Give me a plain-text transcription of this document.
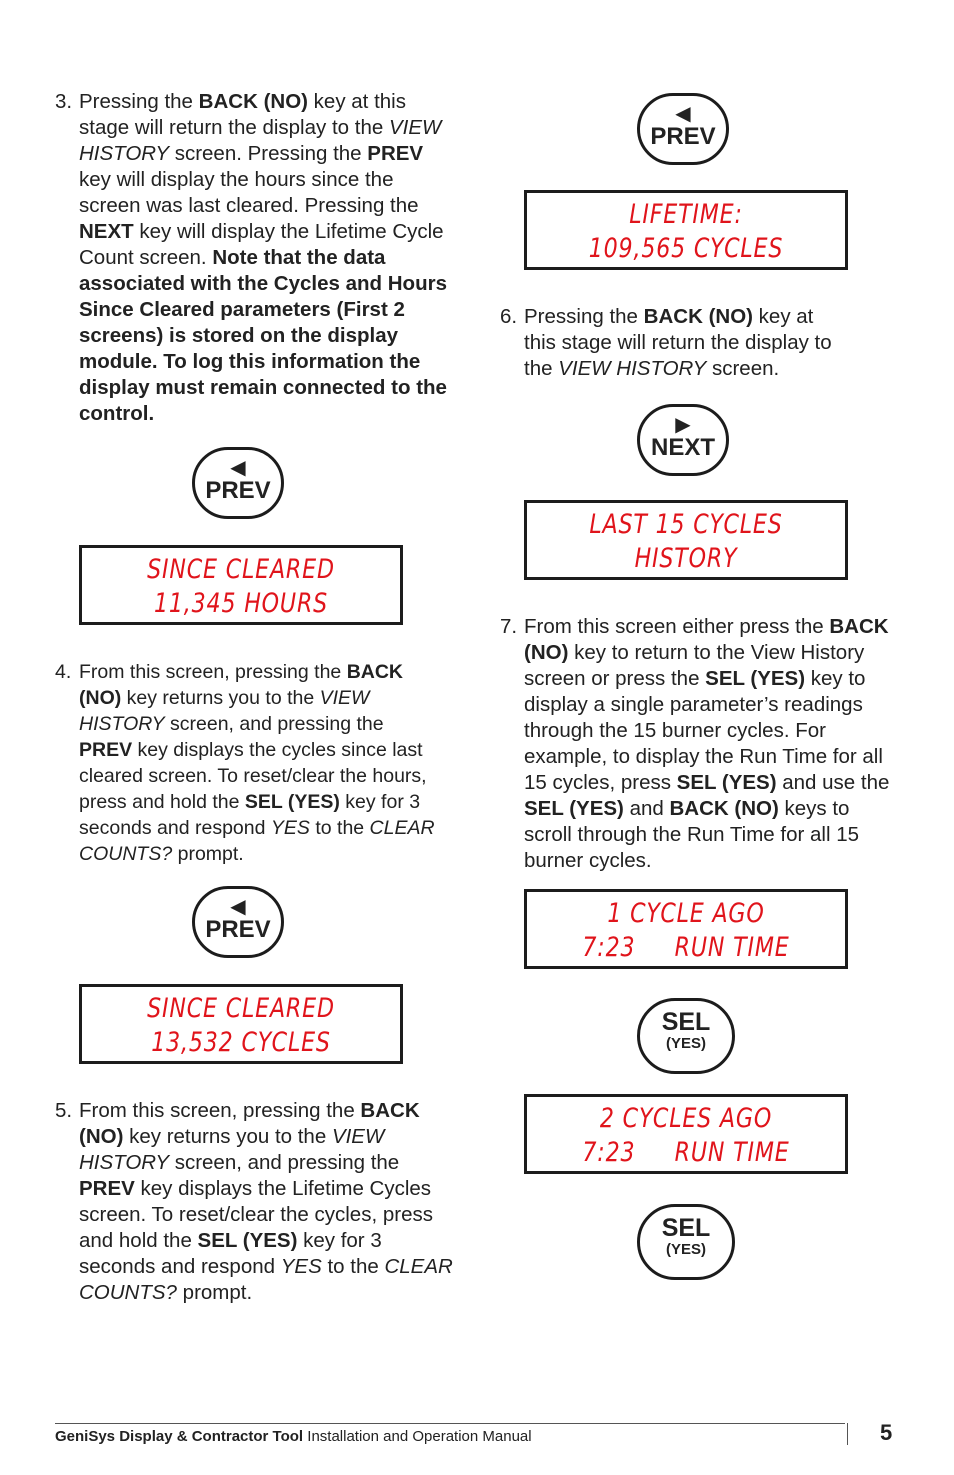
3. Pressing the BACK (NO) key at this stage will return the display to the VIEW HISTORY screen. Pressing the PREV key will display the hours since the screen was last cleared. Pressing the NEXT key will display the Lifetime Cycle Count screen. Note that the data associated with the Cycles and Hours Since Cleared parameters (First 2 screens) is stored on the display module. To log this information the display must remain connected to the control.
◀
PREV
SINCE CLEARED
11,345 HOURS
4. From this screen, pressing the BACK (NO) key returns you to the VIEW HISTORY screen, and pressing the PREV key displays the cycles since last cleared screen. To reset/clear the hours, press and hold the SEL (YES) key for 3 seconds and respond YES to the CLEAR COUNTS? prompt.
◀
PREV
SINCE CLEARED
13,532 CYCLES
5. From this screen, pressing the BACK (NO) key returns you to the VIEW HISTORY screen, and pressing the PREV key displays the Lifetime Cycles screen. To reset/clear the cycles, press and hold the SEL (YES) key for 3 seconds and respond YES to the CLEAR COUNTS? prompt.
◀
PREV
LIFETIME:
109,565 CYCLES
6. Pressing the BACK (NO) key at this stage will return the display to the VIEW HISTORY screen.
▶
NEXT
LAST 15 CYCLES
HISTORY
7. From this screen either press the BACK (NO) key to return to the View History screen or press the SEL (YES) key to display a single parameter’s readings through the 15 burner cycles. For example, to display the Run Time for all 15 cycles, press SEL (YES) and use the SEL (YES) and BACK (NO) keys to scroll through the Run Time for all 15 burner cycles.
1 CYCLE AGO
7:23     RUN TIME
SEL
(YES)
2 CYCLES AGO
7:23     RUN TIME
SEL
(YES)
GeniSys Display & Contractor Tool Installation and Operation Manual	5
